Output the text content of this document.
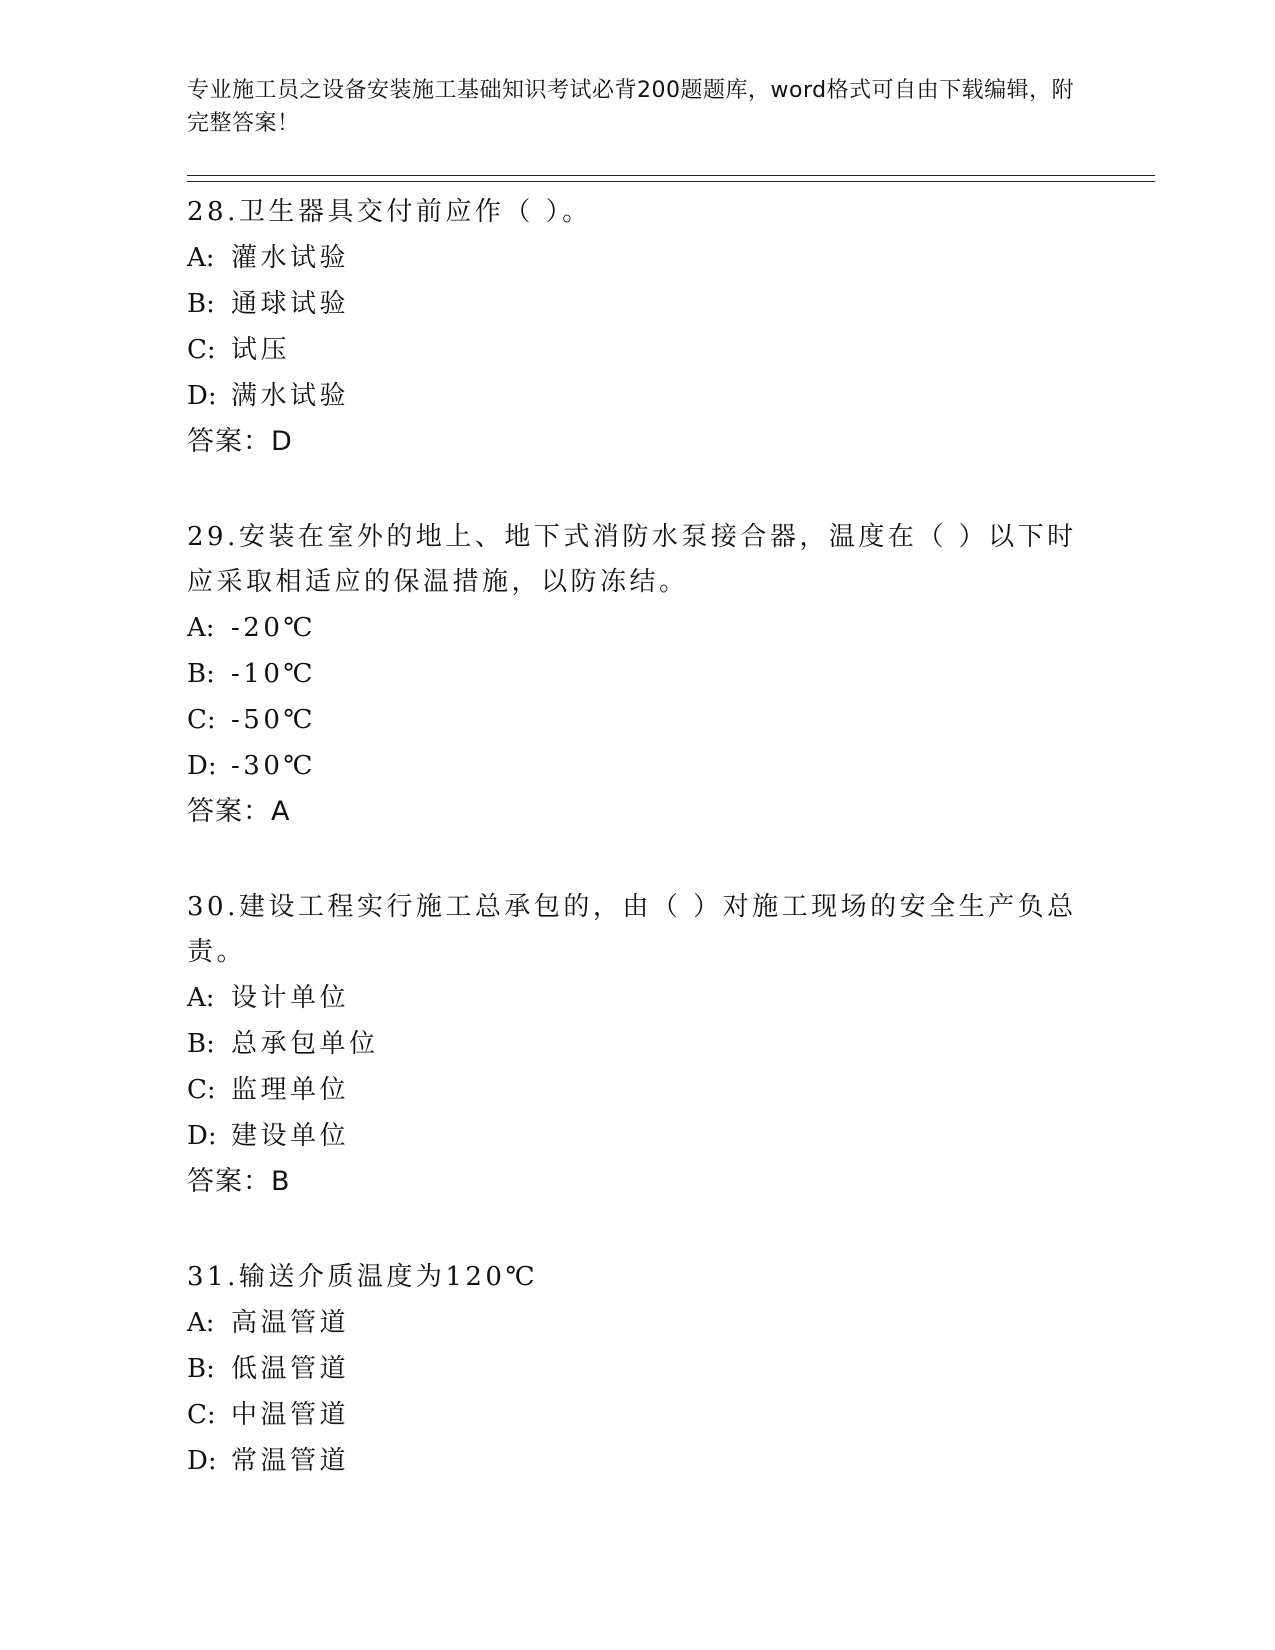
专业施工员之设备安装施工基础知识考试必背200题题库，word格式可自由下载编辑，附完整答案！
28.卫生器具交付前应作（ ）。
A: 灌水试验
B: 通球试验
C: 试压
D: 满水试验
答案：D
29.安装在室外的地上、地下式消防水泵接合器，温度在（ ）以下时应采取相适应的保温措施，以防冻结。
A: -20℃
B: -10℃
C: -50℃
D: -30℃
答案：A
30.建设工程实行施工总承包的，由（ ）对施工现场的安全生产负总责。
A: 设计单位
B: 总承包单位
C: 监理单位
D: 建设单位
答案：B
31.输送介质温度为120℃
A: 高温管道
B: 低温管道
C: 中温管道
D: 常温管道
